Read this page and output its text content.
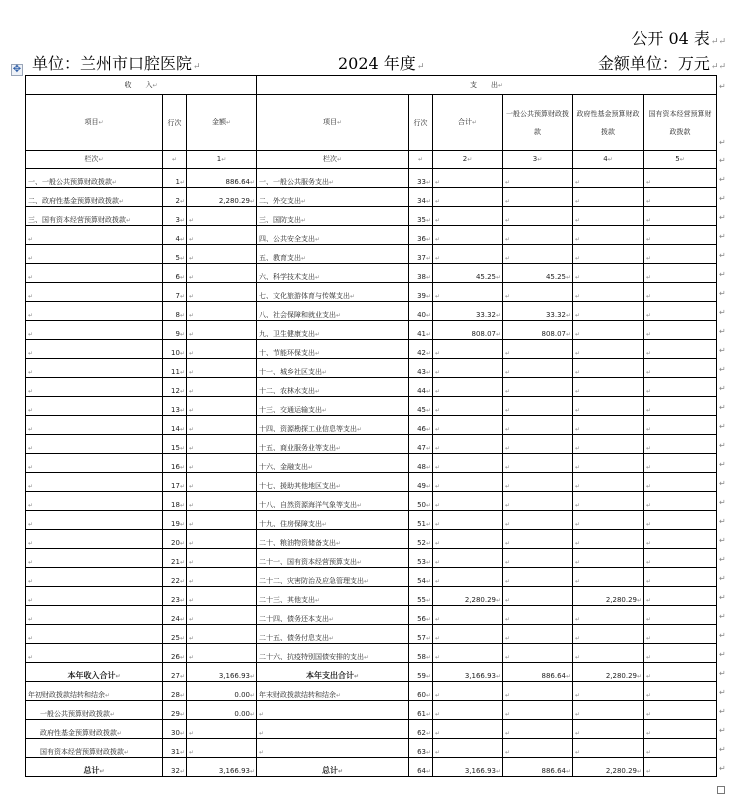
公开 04 表↵↵
单位：兰州市口腔医院↵	2024 年度↵	金额单位：万元↵↵
✥
收　　入↵			支　　出↵					
项目↵	行次	金额↵	项目↵	行次	合计↵	一般公共预算财政拨款	政府性基金预算财政拨款	国有资本经营预算财政拨款
栏次↵	↵	1↵	栏次↵	↵	2↵	3↵	4↵	5↵
一、一般公共预算财政拨款↵	1↵	886.64↵	一、一般公共服务支出↵	33↵	↵	↵	↵	↵
二、政府性基金预算财政拨款↵	2↵	2,280.29↵	二、外交支出↵	34↵	↵	↵	↵	↵
三、国有资本经营预算财政拨款↵	3↵	↵	三、国防支出↵	35↵	↵	↵	↵	↵
↵	4↵	↵	四、公共安全支出↵	36↵	↵	↵	↵	↵
↵	5↵	↵	五、教育支出↵	37↵	↵	↵	↵	↵
↵	6↵	↵	六、科学技术支出↵	38↵	45.25↵	45.25↵	↵	↵
↵	7↵	↵	七、文化旅游体育与传媒支出↵	39↵	↵	↵	↵	↵
↵	8↵	↵	八、社会保障和就业支出↵	40↵	33.32↵	33.32↵	↵	↵
↵	9↵	↵	九、卫生健康支出↵	41↵	808.07↵	808.07↵	↵	↵
↵	10↵	↵	十、节能环保支出↵	42↵	↵	↵	↵	↵
↵	11↵	↵	十一、城乡社区支出↵	43↵	↵	↵	↵	↵
↵	12↵	↵	十二、农林水支出↵	44↵	↵	↵	↵	↵
↵	13↵	↵	十三、交通运输支出↵	45↵	↵	↵	↵	↵
↵	14↵	↵	十四、资源勘探工业信息等支出↵	46↵	↵	↵	↵	↵
↵	15↵	↵	十五、商业服务业等支出↵	47↵	↵	↵	↵	↵
↵	16↵	↵	十六、金融支出↵	48↵	↵	↵	↵	↵
↵	17↵	↵	十七、援助其他地区支出↵	49↵	↵	↵	↵	↵
↵	18↵	↵	十八、自然资源海洋气象等支出↵	50↵	↵	↵	↵	↵
↵	19↵	↵	十九、住房保障支出↵	51↵	↵	↵	↵	↵
↵	20↵	↵	二十、粮油物资储备支出↵	52↵	↵	↵	↵	↵
↵	21↵	↵	二十一、国有资本经营预算支出↵	53↵	↵	↵	↵	↵
↵	22↵	↵	二十二、灾害防治及应急管理支出↵	54↵	↵	↵	↵	↵
↵	23↵	↵	二十三、其他支出↵	55↵	2,280.29↵	↵	2,280.29↵	↵
↵	24↵	↵	二十四、债务还本支出↵	56↵	↵	↵	↵	↵
↵	25↵	↵	二十五、债务付息支出↵	57↵	↵	↵	↵	↵
↵	26↵	↵	二十六、抗疫特别国债安排的支出↵	58↵	↵	↵	↵	↵
本年收入合计↵	27↵	3,166.93↵	本年支出合计↵	59↵	3,166.93↵	886.64↵	2,280.29↵	↵
年初财政拨款结转和结余↵	28↵	0.00↵	年末财政拨款结转和结余↵	60↵	↵	↵	↵	↵
一般公共预算财政拨款↵	29↵	0.00↵	↵	61↵	↵	↵	↵	↵
政府性基金预算财政拨款↵	30↵	↵	↵	62↵	↵	↵	↵	↵
国有资本经营预算财政拨款↵	31↵	↵	↵	63↵	↵	↵	↵	↵
总计↵	32↵	3,166.93↵	总计↵	64↵	3,166.93↵	886.64↵	2,280.29↵	↵
↵
↵
↵
↵
↵
↵
↵
↵
↵
↵
↵
↵
↵
↵
↵
↵
↵
↵
↵
↵
↵
↵
↵
↵
↵
↵
↵
↵
↵
↵
↵
↵
↵
↵
↵
